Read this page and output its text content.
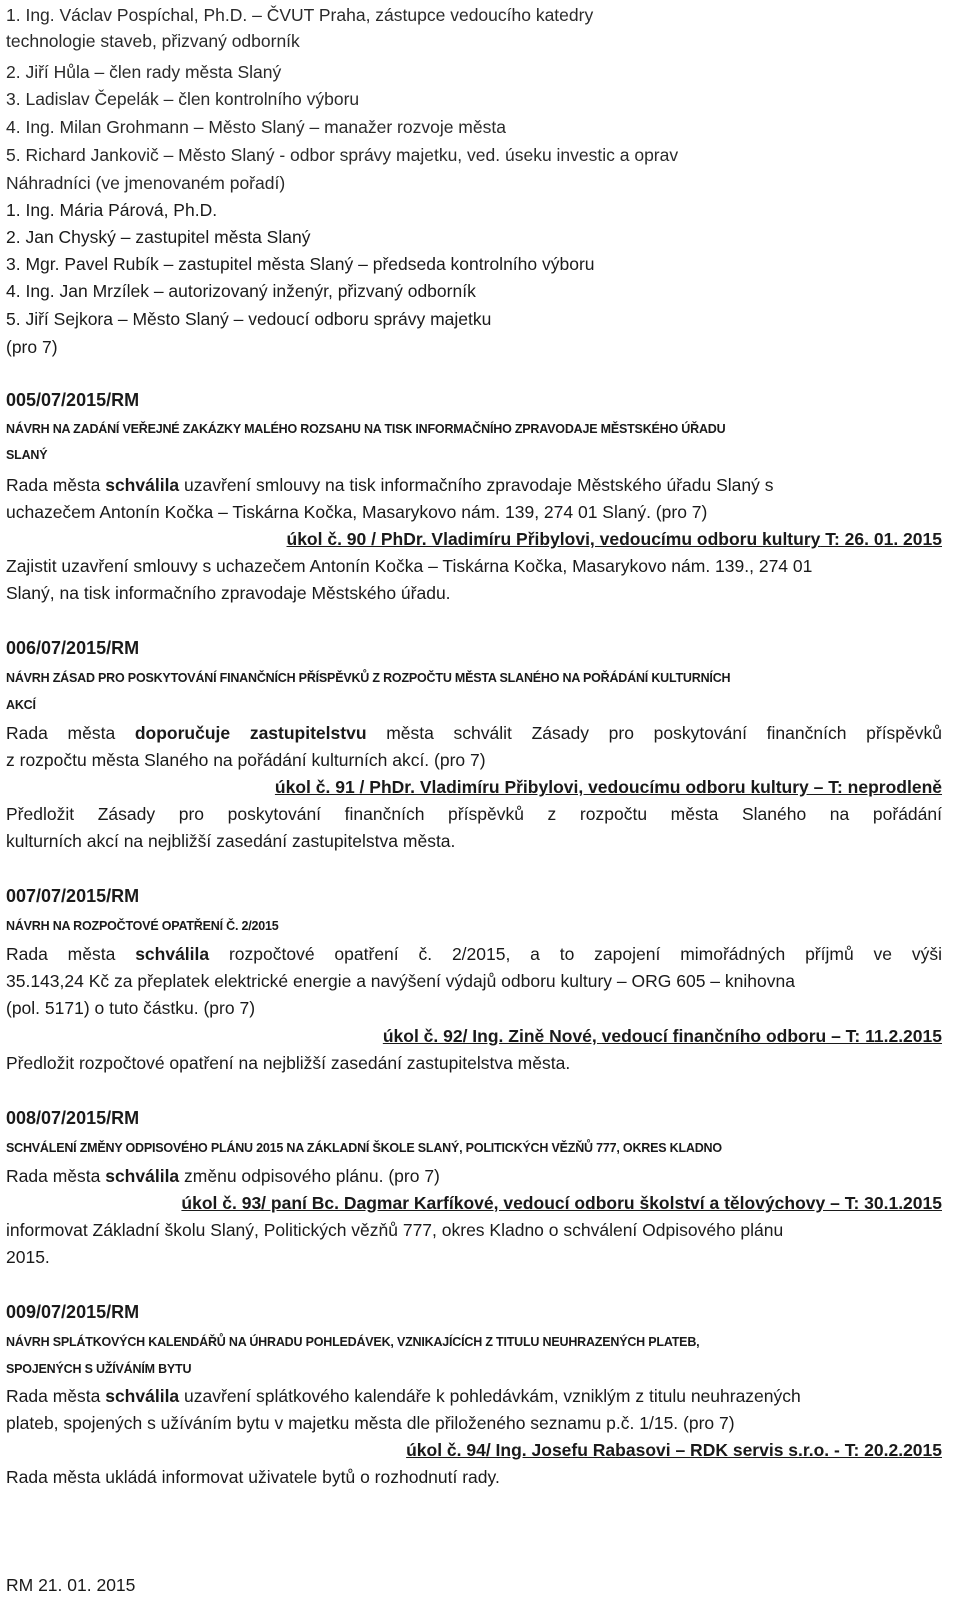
1. Ing. Václav Pospíchal, Ph.D. – ČVUT Praha, zástupce vedoucího katedry
technologie staveb, přizvaný odborník
2. Jiří Hůla – člen rady města Slaný
3. Ladislav Čepelák – člen kontrolního výboru
4. Ing. Milan Grohmann – Město Slaný – manažer rozvoje města
5. Richard Jankovič – Město Slaný - odbor správy majetku, ved. úseku investic a oprav
Náhradníci (ve jmenovaném pořadí)
1. Ing. Mária Párová, Ph.D.
2. Jan Chyský – zastupitel města Slaný
3. Mgr. Pavel Rubík – zastupitel města Slaný – předseda kontrolního výboru
4. Ing. Jan Mrzílek – autorizovaný inženýr, přizvaný odborník
5. Jiří Sejkora – Město Slaný – vedoucí odboru správy majetku
(pro 7)
005/07/2015/RM
NÁVRH NA ZADÁNÍ VEŘEJNÉ ZAKÁZKY MALÉHO ROZSAHU NA TISK INFORMAČNÍHO ZPRAVODAJE MĚSTSKÉHO ÚŘADU
SLANÝ
Rada města schválila uzavření smlouvy na tisk informačního zpravodaje Městského úřadu Slaný s
uchazečem Antonín Kočka – Tiskárna Kočka, Masarykovo nám. 139, 274 01 Slaný. (pro 7)
úkol č. 90 / PhDr. Vladimíru Přibylovi, vedoucímu odboru kultury T: 26. 01. 2015
Zajistit uzavření smlouvy s uchazečem Antonín Kočka – Tiskárna Kočka, Masarykovo nám. 139., 274 01
Slaný, na tisk informačního zpravodaje Městského úřadu.
006/07/2015/RM
NÁVRH ZÁSAD PRO POSKYTOVÁNÍ FINANČNÍCH PŘÍSPĚVKŮ Z ROZPOČTU MĚSTA SLANÉHO NA POŘÁDÁNÍ KULTURNÍCH
AKCÍ
Rada města doporučuje zastupitelstvu města schválit Zásady pro poskytování finančních příspěvků
z rozpočtu města Slaného na pořádání kulturních akcí. (pro 7)
úkol č. 91 / PhDr. Vladimíru Přibylovi, vedoucímu odboru kultury – T: neprodleně
Předložit Zásady pro poskytování finančních příspěvků z rozpočtu města Slaného na pořádání
kulturních akcí na nejbližší zasedání zastupitelstva města.
007/07/2015/RM
NÁVRH NA ROZPOČTOVÉ OPATŘENÍ Č. 2/2015
Rada města schválila rozpočtové opatření č. 2/2015, a to zapojení mimořádných příjmů ve výši
35.143,24 Kč za přeplatek elektrické energie a navýšení výdajů odboru kultury – ORG 605 – knihovna
(pol. 5171) o tuto částku. (pro 7)
úkol č. 92/ Ing. Zině Nové, vedoucí finančního odboru – T: 11.2.2015
Předložit rozpočtové opatření na nejbližší zasedání zastupitelstva města.
008/07/2015/RM
SCHVÁLENÍ ZMĚNY ODPISOVÉHO PLÁNU 2015 NA ZÁKLADNÍ ŠKOLE SLANÝ, POLITICKÝCH VĚZŇŮ 777, OKRES KLADNO
Rada města schválila změnu odpisového plánu. (pro 7)
úkol č. 93/ paní Bc. Dagmar Karfíkové, vedoucí odboru školství a tělovýchovy – T: 30.1.2015
informovat Základní školu Slaný, Politických vězňů 777, okres Kladno o schválení Odpisového plánu
2015.
009/07/2015/RM
NÁVRH SPLÁTKOVÝCH KALENDÁŘŮ NA ÚHRADU POHLEDÁVEK, VZNIKAJÍCÍCH Z TITULU NEUHRAZENÝCH PLATEB,
SPOJENÝCH S UŽÍVÁNÍM BYTU
Rada města schválila uzavření splátkového kalendáře k pohledávkám, vzniklým z titulu neuhrazených
plateb, spojených s užíváním bytu v majetku města dle přiloženého seznamu p.č. 1/15. (pro 7)
úkol č. 94/ Ing. Josefu Rabasovi – RDK servis s.r.o. - T: 20.2.2015
Rada města ukládá informovat uživatele bytů o rozhodnutí rady.
RM 21. 01. 2015
